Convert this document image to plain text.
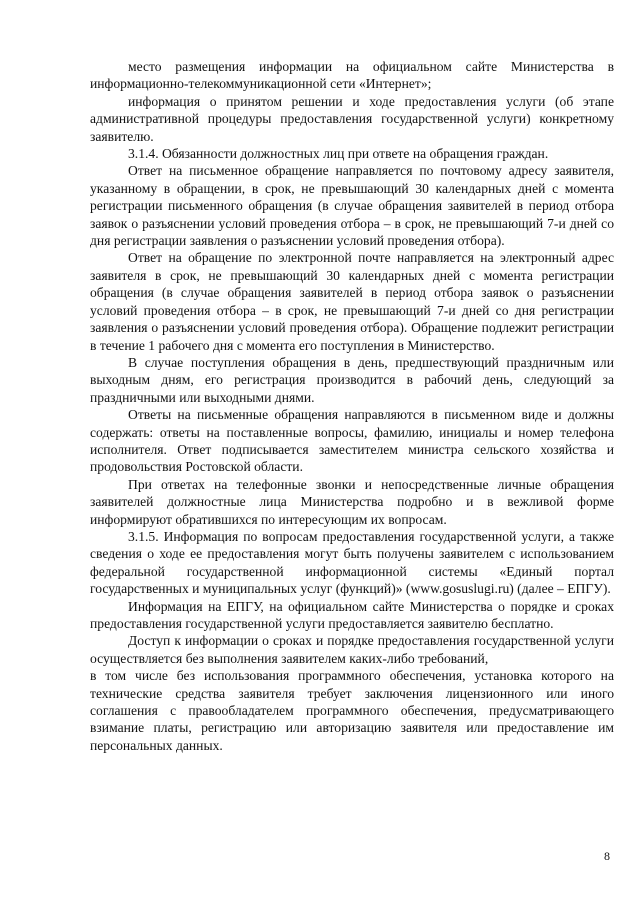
место размещения информации на официальном сайте Министерства в информационно-телекоммуникационной сети «Интернет»;

информация о принятом решении и ходе предоставления услуги (об этапе административной процедуры предоставления государственной услуги) конкретному заявителю.

3.1.4. Обязанности должностных лиц при ответе на обращения граждан.

Ответ на письменное обращение направляется по почтовому адресу заявителя, указанному в обращении, в срок, не превышающий 30 календарных дней с момента регистрации письменного обращения (в случае обращения заявителей в период отбора заявок о разъяснении условий проведения отбора – в срок, не превышающий 7-и дней со дня регистрации заявления о разъяснении условий проведения отбора).

Ответ на обращение по электронной почте направляется на электронный адрес заявителя в срок, не превышающий 30 календарных дней с момента регистрации обращения (в случае обращения заявителей в период отбора заявок о разъяснении условий проведения отбора – в срок, не превышающий 7-и дней со дня регистрации заявления о разъяснении условий проведения отбора). Обращение подлежит регистрации в течение 1 рабочего дня с момента его поступления в Министерство.

В случае поступления обращения в день, предшествующий праздничным или выходным дням, его регистрация производится в рабочий день, следующий за праздничными или выходными днями.

Ответы на письменные обращения направляются в письменном виде и должны содержать: ответы на поставленные вопросы, фамилию, инициалы и номер телефона исполнителя. Ответ подписывается заместителем министра сельского хозяйства и продовольствия Ростовской области.

При ответах на телефонные звонки и непосредственные личные обращения заявителей должностные лица Министерства подробно и в вежливой форме информируют обратившихся по интересующим их вопросам.

3.1.5. Информация по вопросам предоставления государственной услуги, а также сведения о ходе ее предоставления могут быть получены заявителем с использованием федеральной государственной информационной системы «Единый портал государственных и муниципальных услуг (функций)» (www.gosuslugi.ru) (далее – ЕПГУ).

Информация на ЕПГУ, на официальном сайте Министерства о порядке и сроках предоставления государственной услуги предоставляется заявителю бесплатно.

Доступ к информации о сроках и порядке предоставления государственной услуги осуществляется без выполнения заявителем каких-либо требований,

в том числе без использования программного обеспечения, установка которого на технические средства заявителя требует заключения лицензионного или иного соглашения с правообладателем программного обеспечения, предусматривающего взимание платы, регистрацию или авторизацию заявителя или предоставление им персональных данных.

8
